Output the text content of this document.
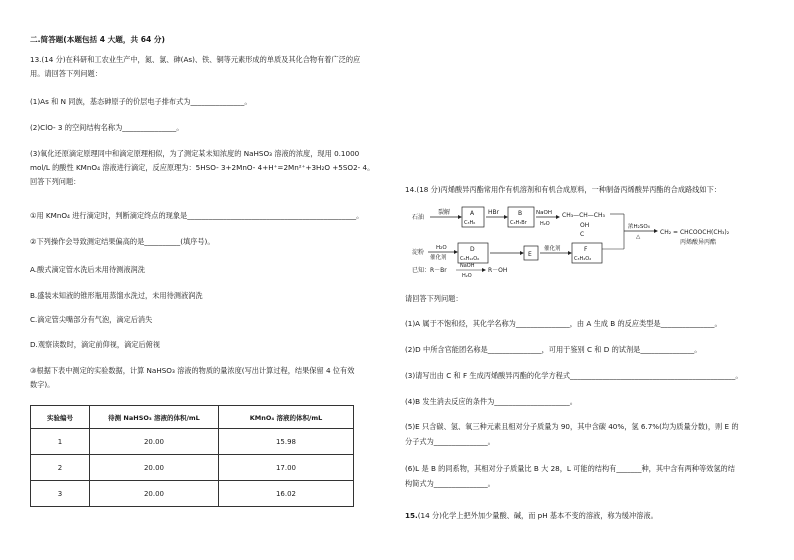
二.简答题(本题包括 4 大题，共 64 分)
13.(14 分)在科研和工农业生产中，氮、氯、砷(As)、铁、铜等元素形成的单质及其化合物有着广泛的应
用。请回答下列问题：
(1)As 和 N 同族，基态砷原子的价层电子排布式为_______________。
(2)ClO- 3 的空间结构名称为_______________。
(3)氧化还原滴定原理同中和滴定原理相似，为了测定某未知浓度的 NaHSO₃ 溶液的浓度，现用 0.1000
mol/L 的酸性 KMnO₄ 溶液进行滴定，反应原理为：5HSO- 3+2MnO- 4+H⁺=2Mn²⁺+3H₂O +5SO2- 4。
回答下列问题：
①用 KMnO₄ 进行滴定时，判断滴定终点的现象是_______________________________________________。
②下列操作会导致测定结果偏高的是__________(填序号)。
A.酸式滴定管水洗后未用待测液润洗
B.盛装未知液的锥形瓶用蒸馏水洗过，未用待测液润洗
C.滴定管尖嘴部分有气泡，滴定后消失
D.观察读数时，滴定前仰视，滴定后俯视
③根据下表中测定的实验数据，计算 NaHSO₃ 溶液的物质的量浓度(写出计算过程，结果保留 4 位有效
数字)。
实验编号	待测 NaHSO₃ 溶液的体积/mL	KMnO₄ 溶液的体积/mL
1	20.00	15.98
2	20.00	17.00
3	20.00	16.02
14.(18 分)丙烯酸异丙酯常用作有机溶剂和有机合成原料，一种制备丙烯酸异丙酯的合成路线如下：
石油
裂解	A
C₃H₆
HBr	B
C₃H₇Br
NaOH
H₂O
CH₃—CH—CH₃
OH
C
浓H₂SO₄
△
CH₂ = CHCOOCH(CH₃)₂
丙烯酸异丙酯
淀粉
H₂O
催化剂
D
C₆H₁₂O₆
E
催化剂	F
C₃H₄O₂
已知：R－Br
NaOH
H₂O
R－OH
请回答下列问题：
(1)A 属于不饱和烃，其化学名称为_______________，由 A 生成 B 的反应类型是_______________。
(2)D 中所含官能团名称是_______________，可用于鉴别 C 和 D 的试剂是_______________。
(3)请写出由 C 和 F 生成丙烯酸异丙酯的化学方程式______________________________________________。
(4)B 发生消去反应的条件为_____________________。
(5)E 只含碳、氢、氧三种元素且相对分子质量为 90，其中含碳 40%，氢 6.7%(均为质量分数)，则 E 的
分子式为_______________。
(6)L 是 B 的同系物，其相对分子质量比 B 大 28，L 可能的结构有_______种，其中含有两种等效氢的结
构简式为_______________。
15.(14 分)化学上把外加少量酸、碱，而 pH 基本不变的溶液，称为缓冲溶液。
